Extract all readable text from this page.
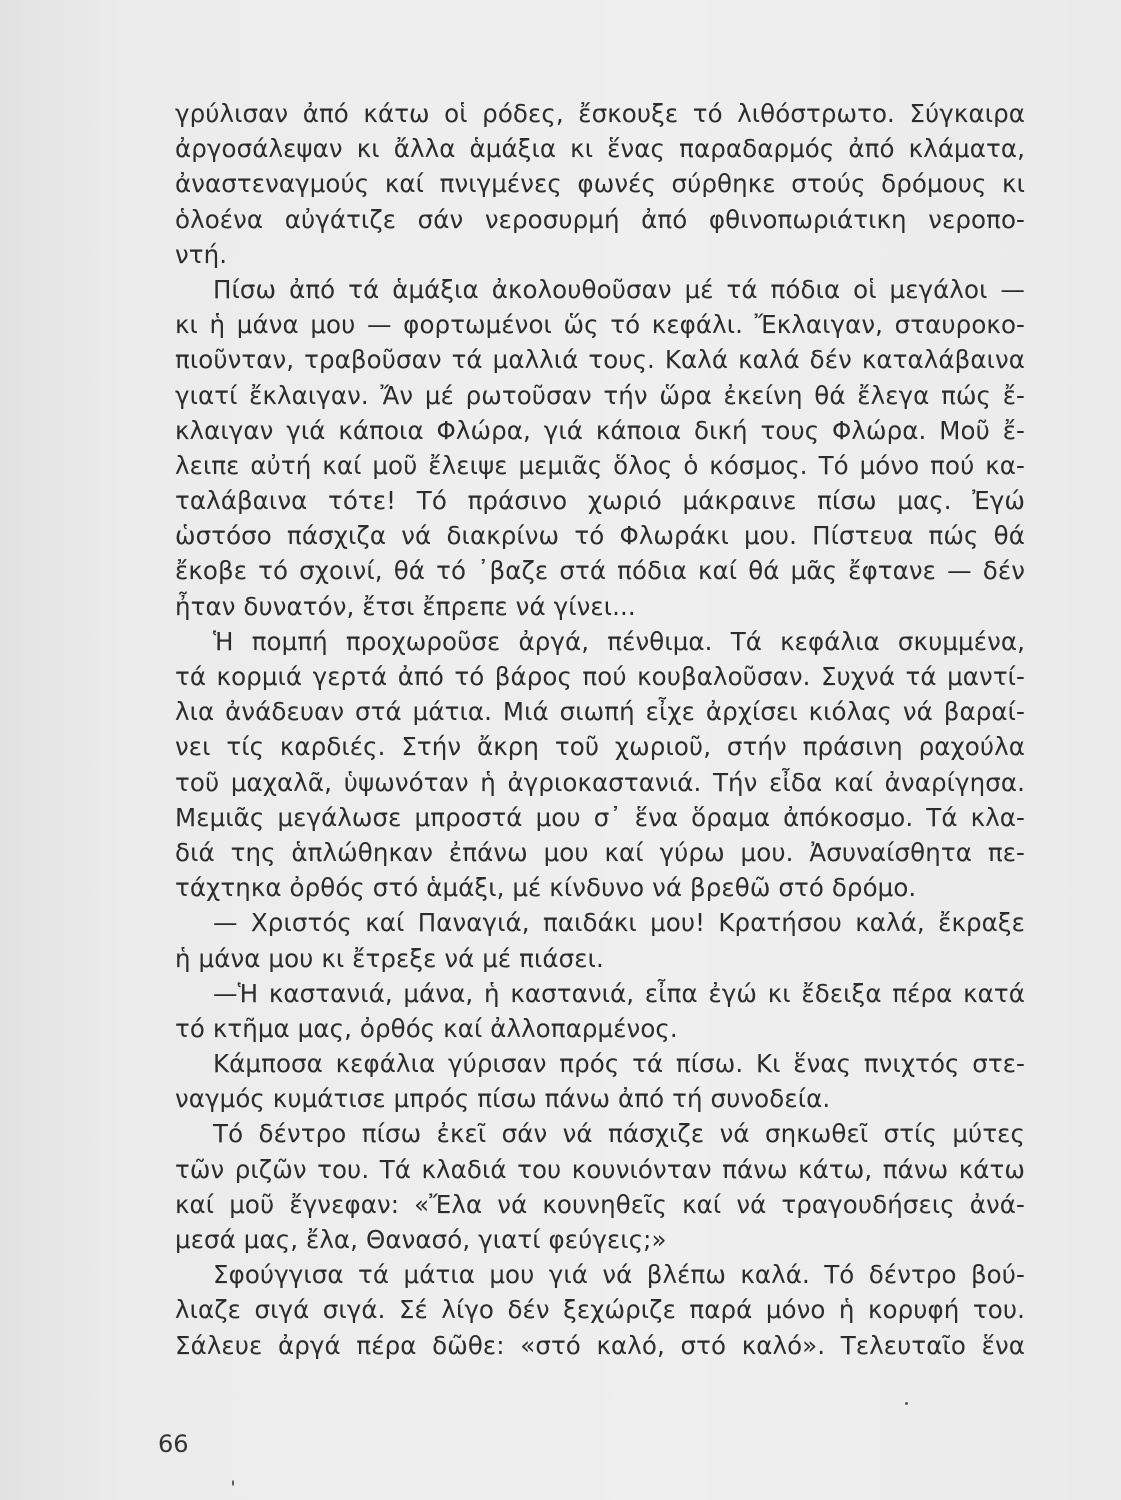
γρύλισαν ἀπό κάτω οἱ ρόδες, ἔσκουξε τό λιθόστρωτο. Σύγκαιρα
ἀργοσάλεψαν κι ἄλλα ἁμάξια κι ἕνας παραδαρμός ἀπό κλάματα,
ἀναστεναγμούς καί πνιγμένες φωνές σύρθηκε στούς δρόμους κι
ὁλοένα αὐγάτιζε σάν νεροσυρμή ἀπό φθινοπωριάτικη νεροπο-
ντή.
Πίσω ἀπό τά ἁμάξια ἀκολουθοῦσαν μέ τά πόδια οἱ μεγάλοι —
κι ἡ μάνα μου — φορτωμένοι ὥς τό κεφάλι. Ἔκλαιγαν, σταυροκο-
πιοῦνταν, τραβοῦσαν τά μαλλιά τους. Καλά καλά δέν καταλάβαινα
γιατί ἔκλαιγαν. Ἄν μέ ρωτοῦσαν τήν ὥρα ἐκείνη θά ἔλεγα πώς ἔ-
κλαιγαν γιά κάποια Φλώρα, γιά κάποια δική τους Φλώρα. Μοῦ ἔ-
λειπε αὐτή καί μοῦ ἔλειψε μεμιᾶς ὅλος ὁ κόσμος. Τό μόνο πού κα-
ταλάβαινα τότε! Τό πράσινο χωριό μάκραινε πίσω μας. Ἐγώ
ὡστόσο πάσχιζα νά διακρίνω τό Φλωράκι μου. Πίστευα πώς θά
ἔκοβε τό σχοινί, θά τό ᾽βαζε στά πόδια καί θά μᾶς ἔφτανε — δέν
ἦταν δυνατόν, ἔτσι ἔπρεπε νά γίνει...
Ἡ πομπή προχωροῦσε ἀργά, πένθιμα. Τά κεφάλια σκυμμένα,
τά κορμιά γερτά ἀπό τό βάρος πού κουβαλοῦσαν. Συχνά τά μαντί-
λια ἀνάδευαν στά μάτια. Μιά σιωπή εἶχε ἀρχίσει κιόλας νά βαραί-
νει τίς καρδιές. Στήν ἄκρη τοῦ χωριοῦ, στήν πράσινη ραχούλα
τοῦ μαχαλᾶ, ὑψωνόταν ἡ ἀγριοκαστανιά. Τήν εἶδα καί ἀναρίγησα.
Μεμιᾶς μεγάλωσε μπροστά μου σ᾽ ἕνα ὅραμα ἀπόκοσμο. Τά κλα-
διά της ἁπλώθηκαν ἐπάνω μου καί γύρω μου. Ἀσυναίσθητα πε-
τάχτηκα ὀρθός στό ἁμάξι, μέ κίνδυνο νά βρεθῶ στό δρόμο.
— Χριστός καί Παναγιά, παιδάκι μου! Κρατήσου καλά, ἔκραξε
ἡ μάνα μου κι ἔτρεξε νά μέ πιάσει.
—Ἡ καστανιά, μάνα, ἡ καστανιά, εἶπα ἐγώ κι ἔδειξα πέρα κατά
τό κτῆμα μας, ὀρθός καί ἀλλοπαρμένος.
Κάμποσα κεφάλια γύρισαν πρός τά πίσω. Κι ἕνας πνιχτός στε-
ναγμός κυμάτισε μπρός πίσω πάνω ἀπό τή συνοδεία.
Τό δέντρο πίσω ἐκεῖ σάν νά πάσχιζε νά σηκωθεῖ στίς μύτες
τῶν ριζῶν του. Τά κλαδιά του κουνιόνταν πάνω κάτω, πάνω κάτω
καί μοῦ ἔγνεφαν: «Ἔλα νά κουνηθεῖς καί νά τραγουδήσεις ἀνά-
μεσά μας, ἔλα, Θανασό, γιατί φεύγεις;»
Σφούγγισα τά μάτια μου γιά νά βλέπω καλά. Τό δέντρο βού-
λιαζε σιγά σιγά. Σέ λίγο δέν ξεχώριζε παρά μόνο ἡ κορυφή του.
Σάλευε ἀργά πέρα δῶθε: «στό καλό, στό καλό». Τελευταῖο ἕνα
66
